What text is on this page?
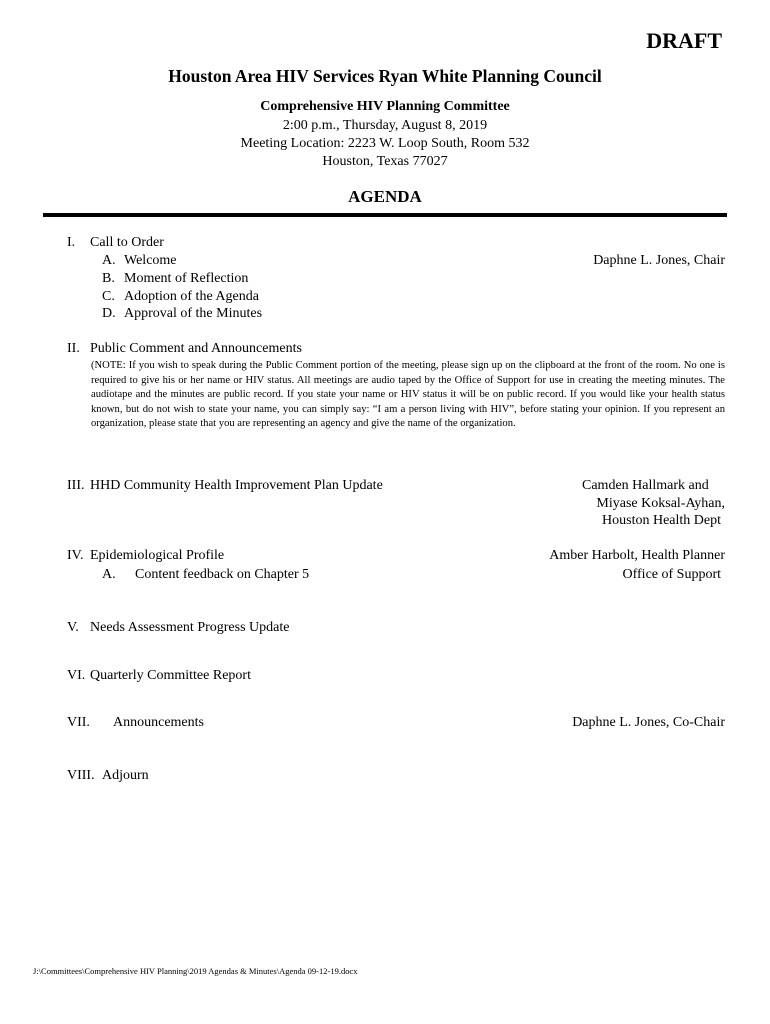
DRAFT
Houston Area HIV Services Ryan White Planning Council
Comprehensive HIV Planning Committee
2:00 p.m., Thursday, August 8, 2019
Meeting Location: 2223 W. Loop South, Room 532
Houston, Texas 77027
AGENDA
I. Call to Order
A. Welcome
B. Moment of Reflection
C. Adoption of the Agenda
D. Approval of the Minutes
Daphne L. Jones, Chair
II. Public Comment and Announcements
(NOTE: If you wish to speak during the Public Comment portion of the meeting, please sign up on the clipboard at the front of the room. No one is required to give his or her name or HIV status. All meetings are audio taped by the Office of Support for use in creating the meeting minutes. The audiotape and the minutes are public record. If you state your name or HIV status it will be on public record. If you would like your health status known, but do not wish to state your name, you can simply say: “I am a person living with HIV”, before stating your opinion. If you represent an organization, please state that you are representing an agency and give the name of the organization.
III. HHD Community Health Improvement Plan Update	Camden Hallmark and
Miyase Koksal-Ayhan,
Houston Health Dept
IV. Epidemiological Profile
A. Content feedback on Chapter 5
Amber Harbolt, Health Planner
Office of Support
V. Needs Assessment Progress Update
VI. Quarterly Committee Report
VII. Announcements	Daphne L. Jones, Co-Chair
VIII. Adjourn
J:\Committees\Comprehensive HIV Planning\2019 Agendas & Minutes\Agenda 09-12-19.docx
